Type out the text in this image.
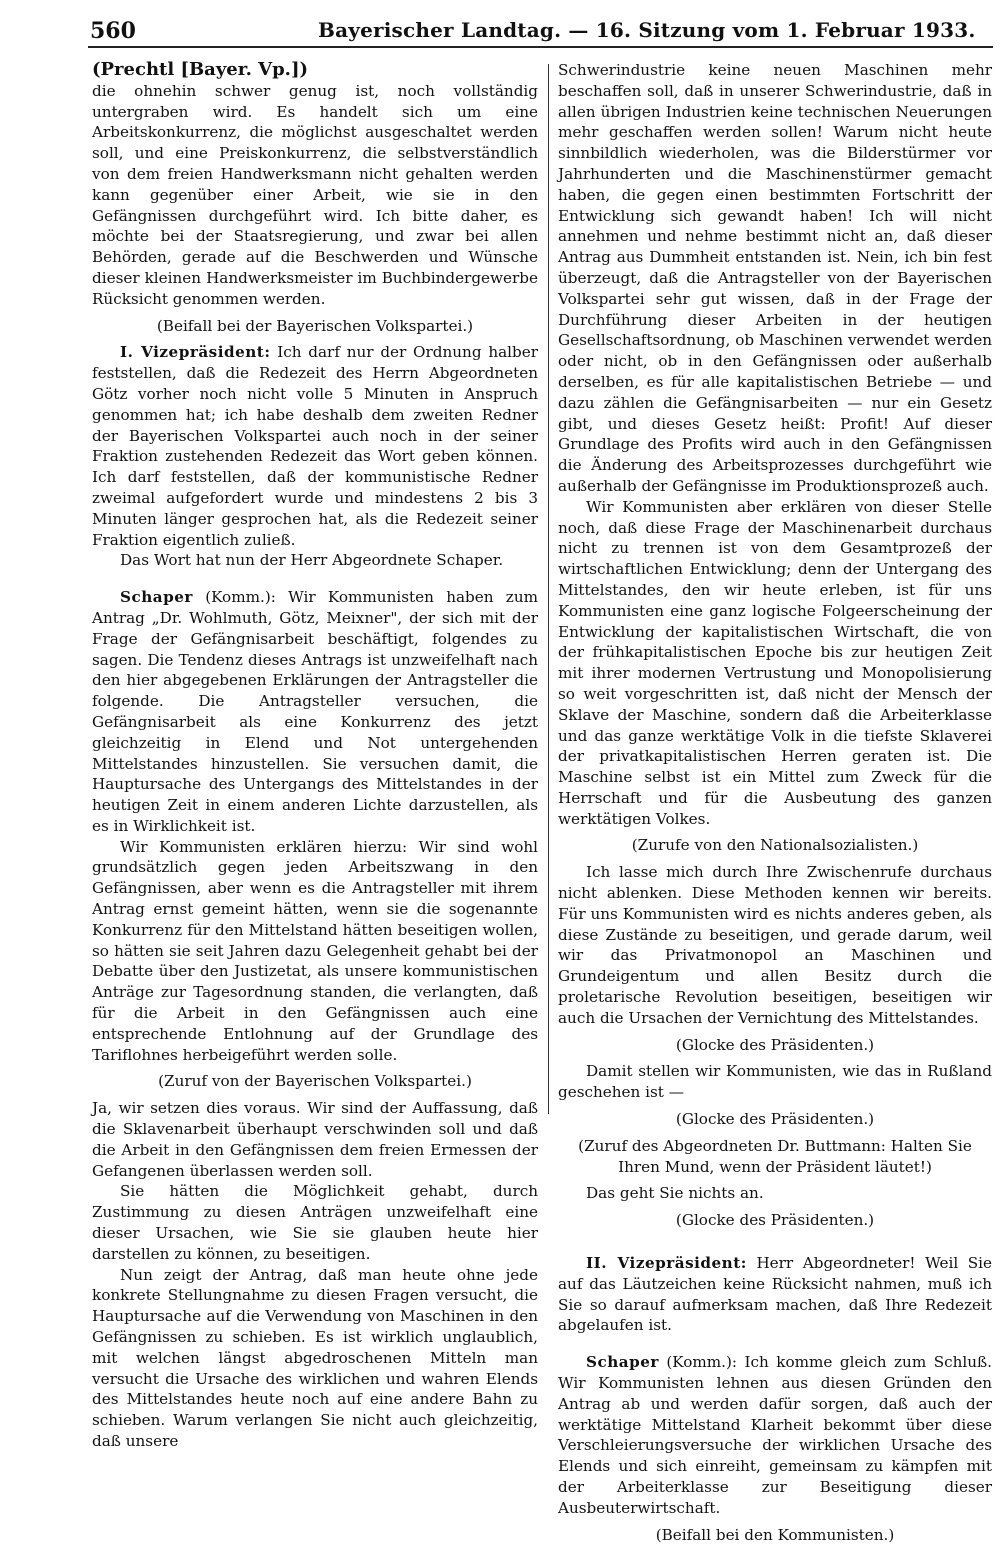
560	Bayerischer Landtag. — 16. Sitzung vom 1. Februar 1933.

(Prechtl [Bayer. Vp.])

die ohnehin schwer genug ist, noch vollständig untergraben wird. Es handelt sich um eine Arbeitskonkurrenz, die möglichst ausgeschaltet werden soll, und eine Preiskonkurrenz, die selbstverständlich von dem freien Handwerksmann nicht gehalten werden kann gegenüber einer Arbeit, wie sie in den Gefängnissen durchgeführt wird. Ich bitte daher, es möchte bei der Staatsregierung, und zwar bei allen Behörden, gerade auf die Beschwerden und Wünsche dieser kleinen Handwerksmeister im Buchbindergewerbe Rücksicht genommen werden.

(Beifall bei der Bayerischen Volkspartei.)

I. Vizepräsident: Ich darf nur der Ordnung halber feststellen, daß die Redezeit des Herrn Abgeordneten Götz vorher noch nicht volle 5 Minuten in Anspruch genommen hat; ich habe deshalb dem zweiten Redner der Bayerischen Volkspartei auch noch in der seiner Fraktion zustehenden Redezeit das Wort geben können. Ich darf feststellen, daß der kommunistische Redner zweimal aufgefordert wurde und mindestens 2 bis 3 Minuten länger gesprochen hat, als die Redezeit seiner Fraktion eigentlich zuließ.

Das Wort hat nun der Herr Abgeordnete Schaper.

Schaper (Komm.): Wir Kommunisten haben zum Antrag „Dr. Wohlmuth, Götz, Meixner", der sich mit der Frage der Gefängnisarbeit beschäftigt, folgendes zu sagen. Die Tendenz dieses Antrags ist unzweifelhaft nach den hier abgegebenen Erklärungen der Antragsteller die folgende. Die Antragsteller versuchen, die Gefängnisarbeit als eine Konkurrenz des jetzt gleichzeitig in Elend und Not untergehenden Mittelstandes hinzustellen. Sie versuchen damit, die Hauptursache des Untergangs des Mittelstandes in der heutigen Zeit in einem anderen Lichte darzustellen, als es in Wirklichkeit ist.

Wir Kommunisten erklären hierzu: Wir sind wohl grundsätzlich gegen jeden Arbeitszwang in den Gefängnissen, aber wenn es die Antragsteller mit ihrem Antrag ernst gemeint hätten, wenn sie die sogenannte Konkurrenz für den Mittelstand hätten beseitigen wollen, so hätten sie seit Jahren dazu Gelegenheit gehabt bei der Debatte über den Justizetat, als unsere kommunistischen Anträge zur Tagesordnung standen, die verlangten, daß für die Arbeit in den Gefängnissen auch eine entsprechende Entlohnung auf der Grundlage des Tariflohnes herbeigeführt werden solle.

(Zuruf von der Bayerischen Volkspartei.)

Ja, wir setzen dies voraus. Wir sind der Auffassung, daß die Sklavenarbeit überhaupt verschwinden soll und daß die Arbeit in den Gefängnissen dem freien Ermessen der Gefangenen überlassen werden soll.

Sie hätten die Möglichkeit gehabt, durch Zustimmung zu diesen Anträgen unzweifelhaft eine dieser Ursachen, wie Sie sie glauben heute hier darstellen zu können, zu beseitigen.

Nun zeigt der Antrag, daß man heute ohne jede konkrete Stellungnahme zu diesen Fragen versucht, die Hauptursache auf die Verwendung von Maschinen in den Gefängnissen zu schieben. Es ist wirklich unglaublich, mit welchen längst abgedroschenen Mitteln man versucht die Ursache des wirklichen und wahren Elends des Mittelstandes heute noch auf eine andere Bahn zu schieben. Warum verlangen Sie nicht auch gleichzeitig, daß unsere

Schwerindustrie keine neuen Maschinen mehr beschaffen soll, daß in unserer Schwerindustrie, daß in allen übrigen Industrien keine technischen Neuerungen mehr geschaffen werden sollen! Warum nicht heute sinnbildlich wiederholen, was die Bilderstürmer vor Jahrhunderten und die Maschinenstürmer gemacht haben, die gegen einen bestimmten Fortschritt der Entwicklung sich gewandt haben! Ich will nicht annehmen und nehme bestimmt nicht an, daß dieser Antrag aus Dummheit entstanden ist. Nein, ich bin fest überzeugt, daß die Antragsteller von der Bayerischen Volkspartei sehr gut wissen, daß in der Frage der Durchführung dieser Arbeiten in der heutigen Gesellschaftsordnung, ob Maschinen verwendet werden oder nicht, ob in den Gefängnissen oder außerhalb derselben, es für alle kapitalistischen Betriebe — und dazu zählen die Gefängnisarbeiten — nur ein Gesetz gibt, und dieses Gesetz heißt: Profit! Auf dieser Grundlage des Profits wird auch in den Gefängnissen die Änderung des Arbeitsprozesses durchgeführt wie außerhalb der Gefängnisse im Produktionsprozeß auch.

Wir Kommunisten aber erklären von dieser Stelle noch, daß diese Frage der Maschinenarbeit durchaus nicht zu trennen ist von dem Gesamtprozeß der wirtschaftlichen Entwicklung; denn der Untergang des Mittelstandes, den wir heute erleben, ist für uns Kommunisten eine ganz logische Folgeerscheinung der Entwicklung der kapitalistischen Wirtschaft, die von der frühkapitalistischen Epoche bis zur heutigen Zeit mit ihrer modernen Vertrustung und Monopolisierung so weit vorgeschritten ist, daß nicht der Mensch der Sklave der Maschine, sondern daß die Arbeiterklasse und das ganze werktätige Volk in die tiefste Sklaverei der privatkapitalistischen Herren geraten ist. Die Maschine selbst ist ein Mittel zum Zweck für die Herrschaft und für die Ausbeutung des ganzen werktätigen Volkes.

(Zurufe von den Nationalsozialisten.)

Ich lasse mich durch Ihre Zwischenrufe durchaus nicht ablenken. Diese Methoden kennen wir bereits. Für uns Kommunisten wird es nichts anderes geben, als diese Zustände zu beseitigen, und gerade darum, weil wir das Privatmonopol an Maschinen und Grundeigentum und allen Besitz durch die proletarische Revolution beseitigen, beseitigen wir auch die Ursachen der Vernichtung des Mittelstandes.

(Glocke des Präsidenten.)

Damit stellen wir Kommunisten, wie das in Rußland geschehen ist —

(Glocke des Präsidenten.)

(Zuruf des Abgeordneten Dr. Buttmann: Halten Sie Ihren Mund, wenn der Präsident läutet!)

Das geht Sie nichts an.

(Glocke des Präsidenten.)

II. Vizepräsident: Herr Abgeordneter! Weil Sie auf das Läutzeichen keine Rücksicht nahmen, muß ich Sie so darauf aufmerksam machen, daß Ihre Redezeit abgelaufen ist.

Schaper (Komm.): Ich komme gleich zum Schluß. Wir Kommunisten lehnen aus diesen Gründen den Antrag ab und werden dafür sorgen, daß auch der werktätige Mittelstand Klarheit bekommt über diese Verschleierungsversuche der wirklichen Ursache des Elends und sich einreiht, gemeinsam zu kämpfen mit der Arbeiterklasse zur Beseitigung dieser Ausbeuterwirtschaft.

(Beifall bei den Kommunisten.)
